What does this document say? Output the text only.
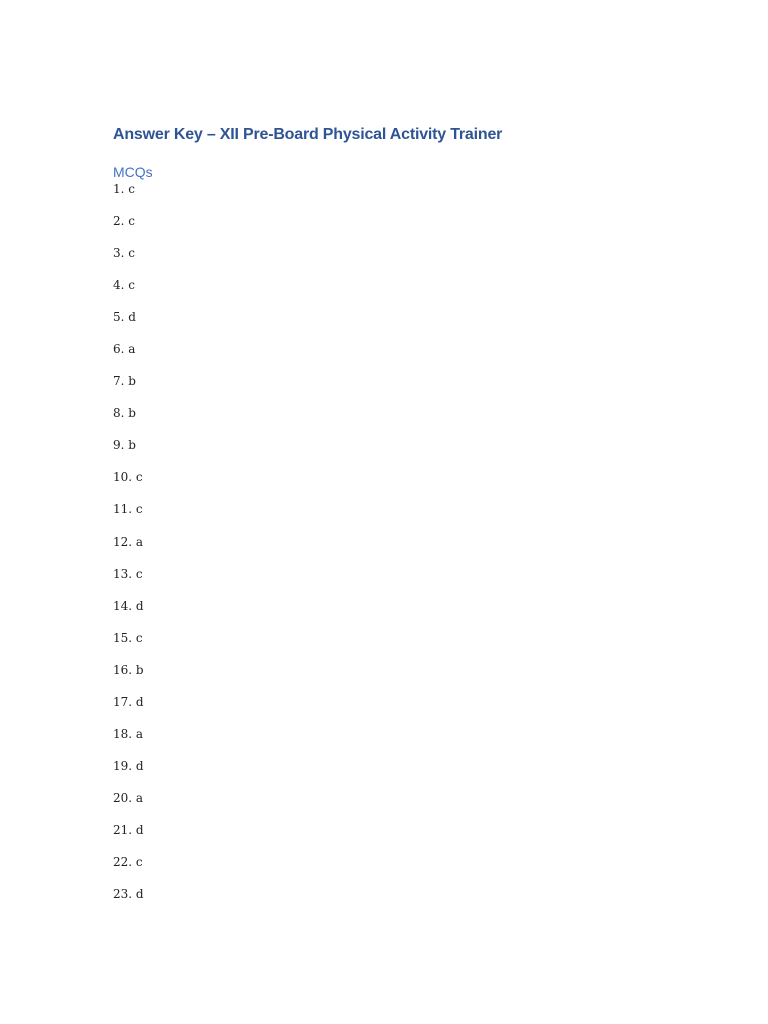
Answer Key – XII Pre-Board Physical Activity Trainer
MCQs
1. c
2. c
3. c
4. c
5. d
6. a
7. b
8. b
9. b
10. c
11. c
12. a
13. c
14. d
15. c
16. b
17. d
18. a
19. d
20. a
21. d
22. c
23. d
